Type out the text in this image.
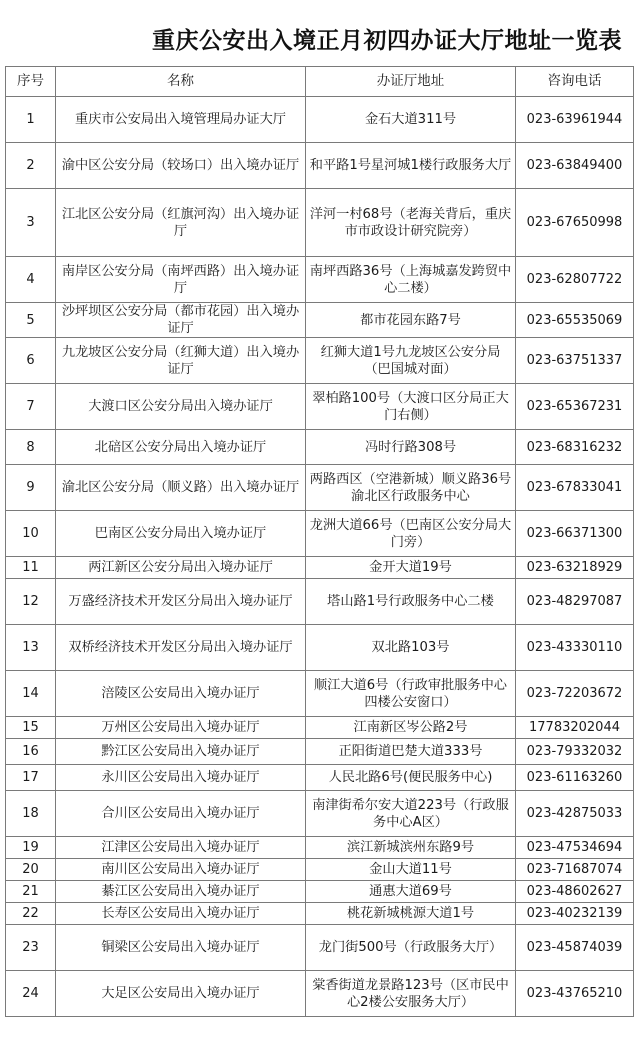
重庆公安出入境正月初四办证大厅地址一览表
序号	名称	办证厅地址	咨询电话
1	重庆市公安局出入境管理局办证大厅	金石大道311号	023-63961944
2	渝中区公安分局（较场口）出入境办证厅	和平路1号星河城1楼行政服务大厅	023-63849400
3	江北区公安分局（红旗河沟）出入境办证厅	洋河一村68号（老海关背后，重庆市市政设计研究院旁）	023-67650998
4	南岸区公安分局（南坪西路）出入境办证厅	南坪西路36号（上海城嘉发跨贸中心二楼）	023-62807722
5	沙坪坝区公安分局（都市花园）出入境办证厅	都市花园东路7号	023-65535069
6	九龙坡区公安分局（红狮大道）出入境办证厅	红狮大道1号九龙坡区公安分局（巴国城对面）	023-63751337
7	大渡口区公安分局出入境办证厅	翠柏路100号（大渡口区分局正大门右侧）	023-65367231
8	北碚区公安分局出入境办证厅	冯时行路308号	023-68316232
9	渝北区公安分局（顺义路）出入境办证厅	两路西区（空港新城）顺义路36号渝北区行政服务中心	023-67833041
10	巴南区公安分局出入境办证厅	龙洲大道66号（巴南区公安分局大门旁）	023-66371300
11	两江新区公安分局出入境办证厅	金开大道19号	023-63218929
12	万盛经济技术开发区分局出入境办证厅	塔山路1号行政服务中心二楼	023-48297087
13	双桥经济技术开发区分局出入境办证厅	双北路103号	023-43330110
14	涪陵区公安局出入境办证厅	顺江大道6号（行政审批服务中心四楼公安窗口）	023-72203672
15	万州区公安局出入境办证厅	江南新区岑公路2号	17783202044
16	黔江区公安局出入境办证厅	正阳街道巴楚大道333号	023-79332032
17	永川区公安局出入境办证厅	人民北路6号(便民服务中心)	023-61163260
18	合川区公安局出入境办证厅	南津街希尔安大道223号（行政服务中心A区）	023-42875033
19	江津区公安局出入境办证厅	滨江新城滨州东路9号	023-47534694
20	南川区公安局出入境办证厅	金山大道11号	023-71687074
21	綦江区公安局出入境办证厅	通惠大道69号	023-48602627
22	长寿区公安局出入境办证厅	桃花新城桃源大道1号	023-40232139
23	铜梁区公安局出入境办证厅	龙门街500号（行政服务大厅）	023-45874039
24	大足区公安局出入境办证厅	棠香街道龙景路123号（区市民中心2楼公安服务大厅）	023-43765210
